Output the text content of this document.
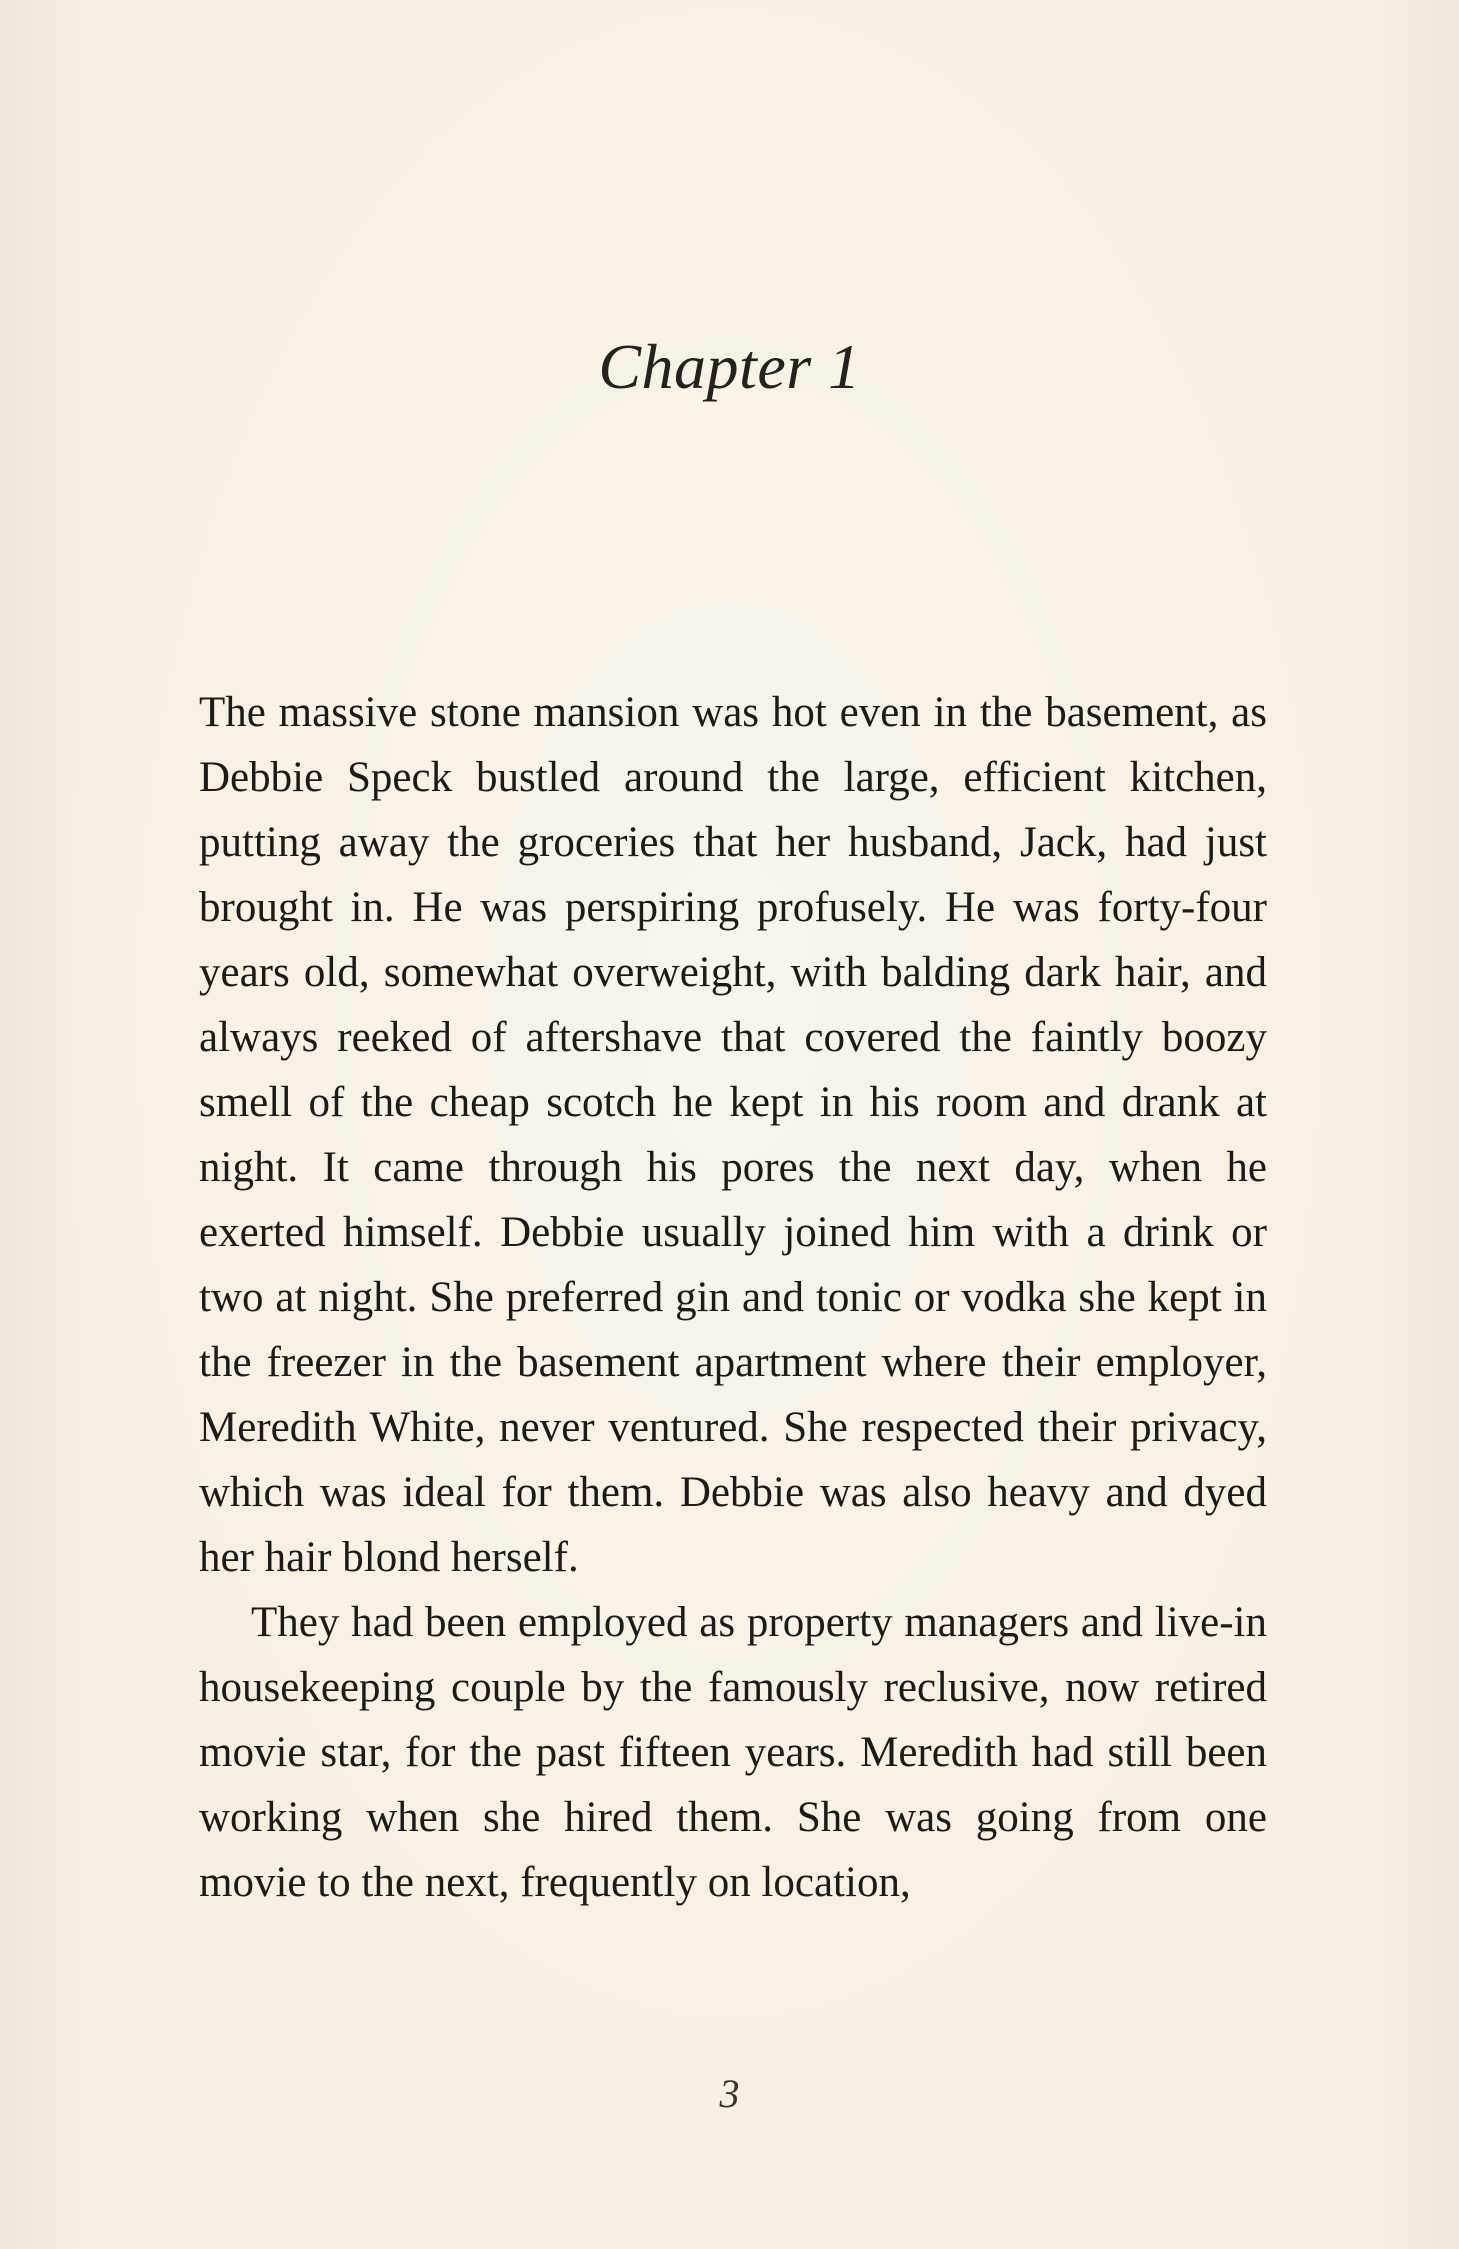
Chapter 1

The massive stone mansion was hot even in the basement, as Debbie Speck bustled around the large, efficient kitchen, putting away the groceries that her husband, Jack, had just brought in. He was perspiring profusely. He was forty-four years old, somewhat overweight, with balding dark hair, and always reeked of aftershave that covered the faintly boozy smell of the cheap scotch he kept in his room and drank at night. It came through his pores the next day, when he exerted himself. Debbie usually joined him with a drink or two at night. She preferred gin and tonic or vodka she kept in the freezer in the basement apartment where their employer, Meredith White, never ventured. She respected their privacy, which was ideal for them. Debbie was also heavy and dyed her hair blond herself.

They had been employed as property managers and live-in housekeeping couple by the famously reclusive, now retired movie star, for the past fifteen years. Meredith had still been working when she hired them. She was going from one movie to the next, frequently on location,

3
